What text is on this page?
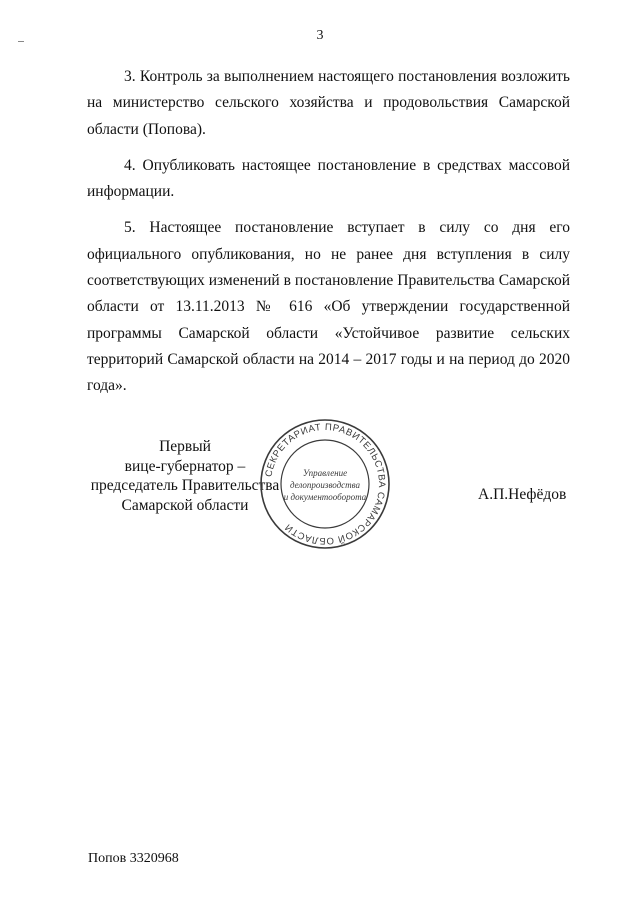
3

3. Контроль за выполнением настоящего постановления возложить на министерство сельского хозяйства и продовольствия Самарской области (Попова).

4. Опубликовать настоящее постановление в средствах массовой информации.

5. Настоящее постановление вступает в силу со дня его официального опубликования, но не ранее дня вступления в силу соответствующих изменений в постановление Правительства Самарской области от 13.11.2013 № 616 «Об утверждении государственной программы Самарской области «Устойчивое развитие сельских территорий Самарской области на 2014 – 2017 годы и на период до 2020 года».

Первый
вице-губернатор –
председатель Правительства
Самарской области
СЕКРЕТАРИАТ ПРАВИТЕЛЬСТВА САМАРСКОЙ ОБЛАСТИ
Управление
делопроизводства
и документооборота	А.П.Нефёдов
Попов 3320968
